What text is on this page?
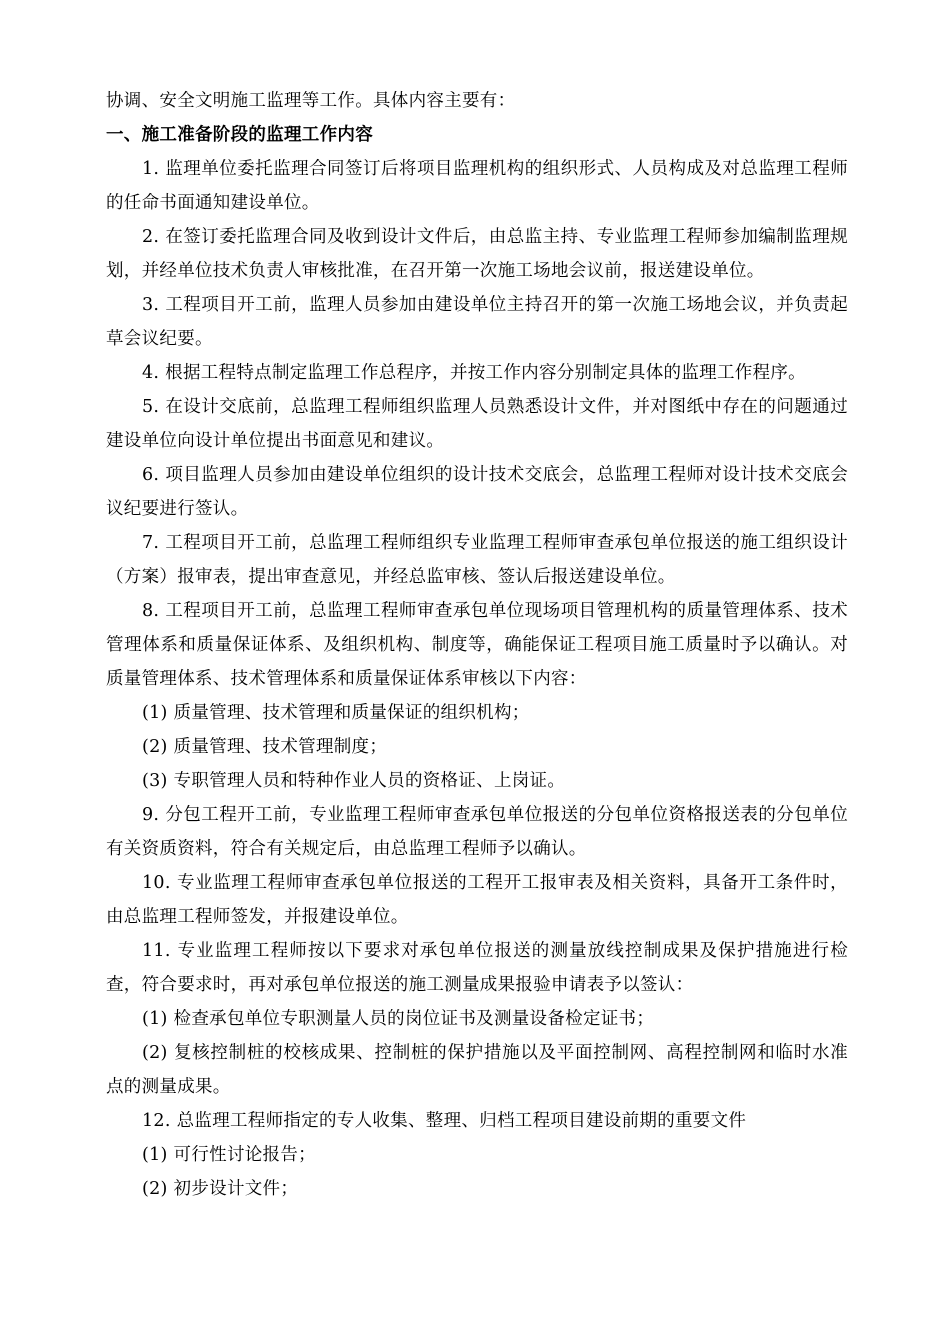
协调、安全文明施工监理等工作。具体内容主要有：

一、施工准备阶段的监理工作内容

1. 监理单位委托监理合同签订后将项目监理机构的组织形式、人员构成及对总监理工程师的任命书面通知建设单位。

2. 在签订委托监理合同及收到设计文件后，由总监主持、专业监理工程师参加编制监理规划，并经单位技术负责人审核批准，在召开第一次施工场地会议前，报送建设单位。

3. 工程项目开工前，监理人员参加由建设单位主持召开的第一次施工场地会议，并负责起草会议纪要。

4. 根据工程特点制定监理工作总程序，并按工作内容分别制定具体的监理工作程序。

5. 在设计交底前，总监理工程师组织监理人员熟悉设计文件，并对图纸中存在的问题通过建设单位向设计单位提出书面意见和建议。

6. 项目监理人员参加由建设单位组织的设计技术交底会，总监理工程师对设计技术交底会议纪要进行签认。

7. 工程项目开工前，总监理工程师组织专业监理工程师审查承包单位报送的施工组织设计（方案）报审表，提出审查意见，并经总监审核、签认后报送建设单位。

8. 工程项目开工前，总监理工程师审查承包单位现场项目管理机构的质量管理体系、技术管理体系和质量保证体系、及组织机构、制度等，确能保证工程项目施工质量时予以确认。对质量管理体系、技术管理体系和质量保证体系审核以下内容：

(1) 质量管理、技术管理和质量保证的组织机构；

(2) 质量管理、技术管理制度；

(3) 专职管理人员和特种作业人员的资格证、上岗证。

9. 分包工程开工前，专业监理工程师审查承包单位报送的分包单位资格报送表的分包单位有关资质资料，符合有关规定后，由总监理工程师予以确认。

10. 专业监理工程师审查承包单位报送的工程开工报审表及相关资料，具备开工条件时，由总监理工程师签发，并报建设单位。

11. 专业监理工程师按以下要求对承包单位报送的测量放线控制成果及保护措施进行检查，符合要求时，再对承包单位报送的施工测量成果报验申请表予以签认：

(1) 检查承包单位专职测量人员的岗位证书及测量设备检定证书；

(2) 复核控制桩的校核成果、控制桩的保护措施以及平面控制网、高程控制网和临时水准点的测量成果。

12. 总监理工程师指定的专人收集、整理、归档工程项目建设前期的重要文件

(1) 可行性讨论报告；

(2) 初步设计文件；
